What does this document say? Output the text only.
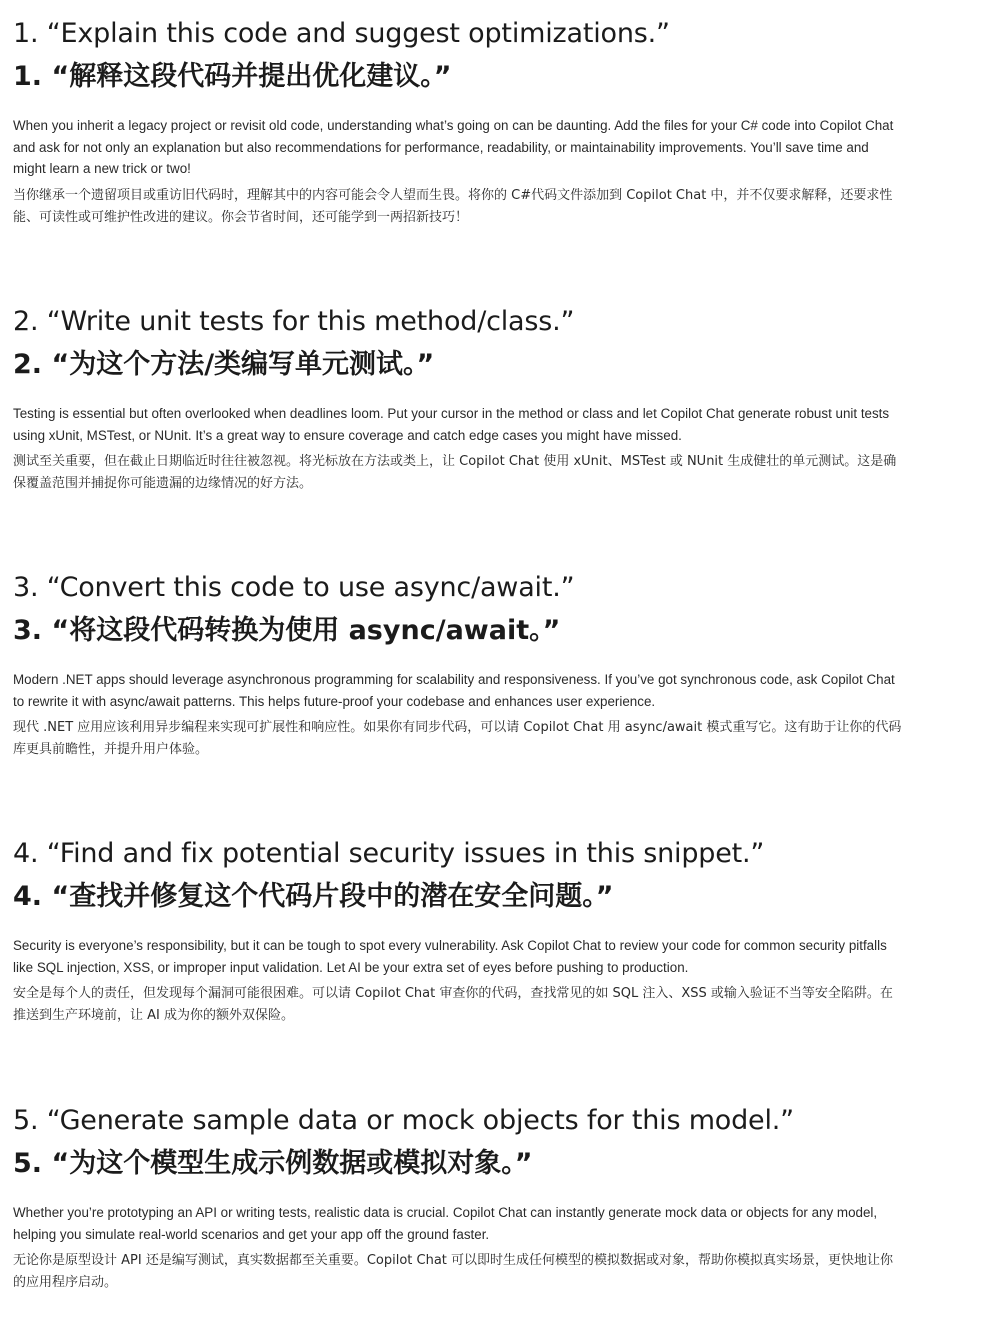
1. “Explain this code and suggest optimizations.”
1. “解释这段代码并提出优化建议。”

When you inherit a legacy project or revisit old code, understanding what’s going on can be daunting. Add the files for your C# code into Copilot Chat and ask for not only an explanation but also recommendations for performance, readability, or maintainability improvements. You’ll save time and might learn a new trick or two!

当你继承一个遗留项目或重访旧代码时，理解其中的内容可能会令人望而生畏。将你的 C#代码文件添加到 Copilot Chat 中，并不仅要求解释，还要求性能、可读性或可维护性改进的建议。你会节省时间，还可能学到一两招新技巧！

2. “Write unit tests for this method/class.”
2. “为这个方法/类编写单元测试。”

Testing is essential but often overlooked when deadlines loom. Put your cursor in the method or class and let Copilot Chat generate robust unit tests using xUnit, MSTest, or NUnit. It’s a great way to ensure coverage and catch edge cases you might have missed.

测试至关重要，但在截止日期临近时往往被忽视。将光标放在方法或类上，让 Copilot Chat 使用 xUnit、MSTest 或 NUnit 生成健壮的单元测试。这是确保覆盖范围并捕捉你可能遗漏的边缘情况的好方法。

3. “Convert this code to use async/await.”
3. “将这段代码转换为使用 async/await。”

Modern .NET apps should leverage asynchronous programming for scalability and responsiveness. If you’ve got synchronous code, ask Copilot Chat to rewrite it with async/await patterns. This helps future-proof your codebase and enhances user experience.

现代 .NET 应用应该利用异步编程来实现可扩展性和响应性。如果你有同步代码，可以请 Copilot Chat 用 async/await 模式重写它。这有助于让你的代码库更具前瞻性，并提升用户体验。

4. “Find and fix potential security issues in this snippet.”
4. “查找并修复这个代码片段中的潜在安全问题。”

Security is everyone’s responsibility, but it can be tough to spot every vulnerability. Ask Copilot Chat to review your code for common security pitfalls like SQL injection, XSS, or improper input validation. Let AI be your extra set of eyes before pushing to production.

安全是每个人的责任，但发现每个漏洞可能很困难。可以请 Copilot Chat 审查你的代码，查找常见的如 SQL 注入、XSS 或输入验证不当等安全陷阱。在推送到生产环境前，让 AI 成为你的额外双保险。

5. “Generate sample data or mock objects for this model.”
5. “为这个模型生成示例数据或模拟对象。”

Whether you’re prototyping an API or writing tests, realistic data is crucial. Copilot Chat can instantly generate mock data or objects for any model, helping you simulate real-world scenarios and get your app off the ground faster.

无论你是原型设计 API 还是编写测试，真实数据都至关重要。Copilot Chat 可以即时生成任何模型的模拟数据或对象，帮助你模拟真实场景，更快地让你的应用程序启动。
